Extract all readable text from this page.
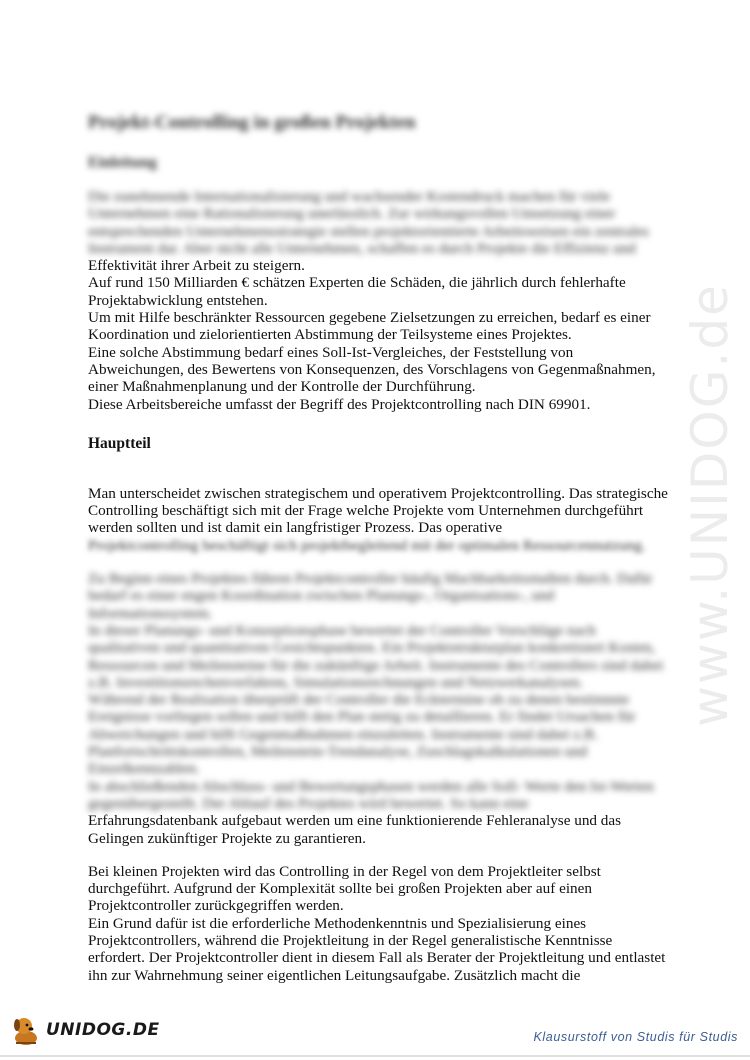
www.UNIDOG.de
Projekt-Controlling in großen Projekten
Einleitung

Die zunehmende Internationalisierung und wachsender Kostendruck machen für viele Unternehmen eine Rationalisierung unerlässlich. Zur wirkungsvollen Umsetzung einer entsprechenden Unternehmensstrategie stellen projektorientierte Arbeitsweisen ein zentrales Instrument dar. Aber nicht alle Unternehmen, schaffen es durch Projekte die Effizienz und

Effektivität ihrer Arbeit zu steigern.

Auf rund 150 Milliarden € schätzen Experten die Schäden, die jährlich durch fehlerhafte Projektabwicklung entstehen.

Um mit Hilfe beschränkter Ressourcen gegebene Zielsetzungen zu erreichen, bedarf es einer Koordination und zielorientierten Abstimmung der Teilsysteme eines Projektes.

Eine solche Abstimmung bedarf eines Soll-Ist-Vergleiches, der Feststellung von Abweichungen, des Bewertens von Konsequenzen, des Vorschlagens von Gegenmaßnahmen, einer Maßnahmenplanung und der Kontrolle der Durchführung.

Diese Arbeitsbereiche umfasst der Begriff des Projektcontrolling nach DIN 69901.

Hauptteil

Man unterscheidet zwischen strategischem und operativem Projektcontrolling. Das strategische Controlling beschäftigt sich mit der Frage welche Projekte vom Unternehmen durchgeführt werden sollten und ist damit ein langfristiger Prozess. Das operative

Projektcontrolling beschäftigt sich projektbegleitend mit der optimalen Ressourcennutzung.

Zu Beginn eines Projektes führen Projektcontroller häufig Machbarkeitsstudien durch. Dafür bedarf es einer engen Koordination zwischen Planungs-, Organisations-, und Informationssystem.

In dieser Planungs- und Konzeptionsphase bewertet der Controller Vorschläge nach qualitativen und quantitativen Gesichtspunkten. Ein Projektstrukturplan konkretisiert Kosten, Ressourcen und Meilensteine für die zukünftige Arbeit. Instrumente des Controllers sind dabei z.B. Investitionsrechenverfahren, Simulationsrechnungen und Netzwerkanalysen.

Während der Realisation überprüft der Controller die Ecktermine ob zu denen bestimmte Ereignisse vorliegen sollen und hilft den Plan stetig zu detaillieren. Er findet Ursachen für Abweichungen und hilft Gegenmaßnahmen einzuleiten. Instrumente sind dabei z.B. Planfortschrittskontrollen, Meilenstein-Trendanalyse, Zuschlagskalkulationen und Einzelkennzahlen.

In abschließenden Abschluss- und Bewertungsphasen werden alle Soll- Werte den Ist-Werten gegenübergestellt. Der Ablauf des Projektes wird bewertet. So kann eine

Erfahrungsdatenbank aufgebaut werden um eine funktionierende Fehleranalyse und das Gelingen zukünftiger Projekte zu garantieren.

Bei kleinen Projekten wird das Controlling in der Regel von dem Projektleiter selbst durchgeführt. Aufgrund der Komplexität sollte bei großen Projekten aber auf einen Projektcontroller zurückgegriffen werden.

Ein Grund dafür ist die erforderliche Methodenkenntnis und Spezialisierung eines Projektcontrollers, während die Projektleitung in der Regel generalistische Kenntnisse erfordert. Der Projektcontroller dient in diesem Fall als Berater der Projektleitung und entlastet ihn zur Wahrnehmung seiner eigentlichen Leitungsaufgabe. Zusätzlich macht die

UNIDOG.DE	Klausurstoff von Studis für Studis
